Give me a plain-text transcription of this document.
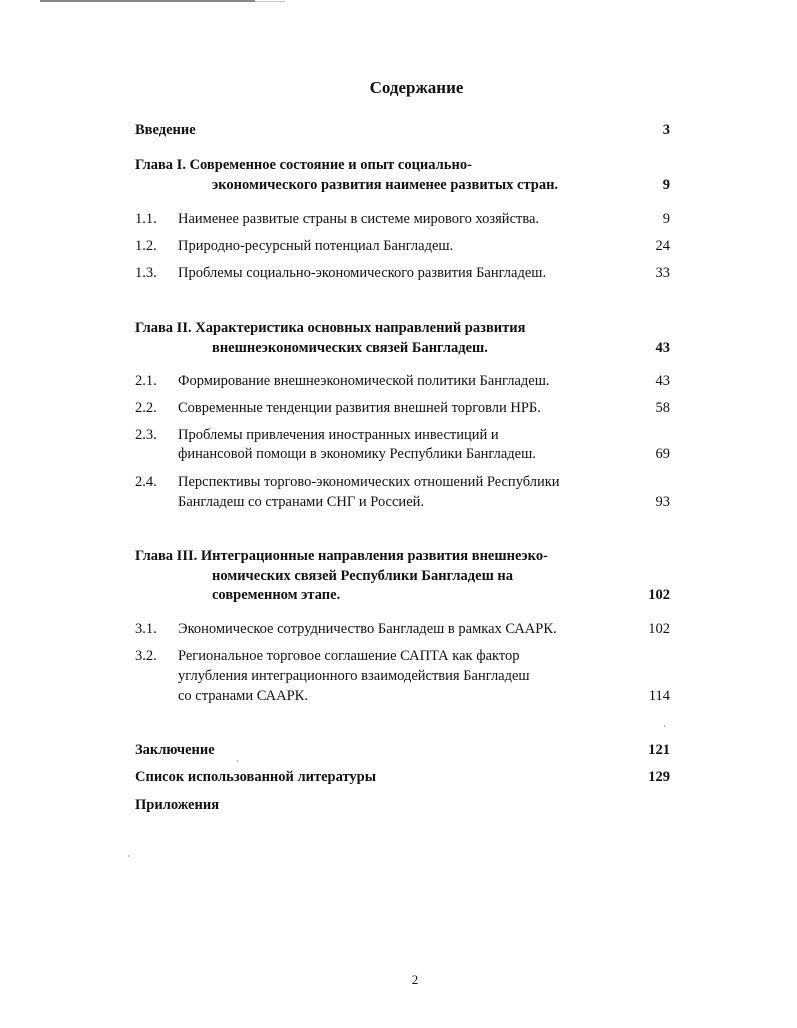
Содержание
Введение	3
Глава I. Современное состояние и опыт социально-
экономического развития наименее развитых стран.	9
1.1. Наименее развитые страны в системе мирового хозяйства.	9
1.2. Природно-ресурсный потенциал Бангладеш.	24
1.3. Проблемы социально-экономического развития Бангладеш.	33
Глава II. Характеристика основных направлений развития
внешнеэкономических связей Бангладеш.	43
2.1. Формирование внешнеэкономической политики Бангладеш.	43
2.2. Современные тенденции развития внешней торговли НРБ.	58
2.3. Проблемы привлечения иностранных инвестиций и
финансовой помощи в экономику Республики Бангладеш.	69
2.4. Перспективы торгово-экономических отношений Республики
Бангладеш со странами СНГ и Россией.	93
Глава III. Интеграционные направления развития внешнеэко-
номических связей Республики Бангладеш на
современном этапе.	102
3.1. Экономическое сотрудничество Бангладеш в рамках СААРК.	102
3.2. Региональное торговое соглашение САПТА как фактор
углубления интеграционного взаимодействия Бангладеш
со странами СААРК.	114
Заключение	121
Список использованной литературы	129
Приложения
2
